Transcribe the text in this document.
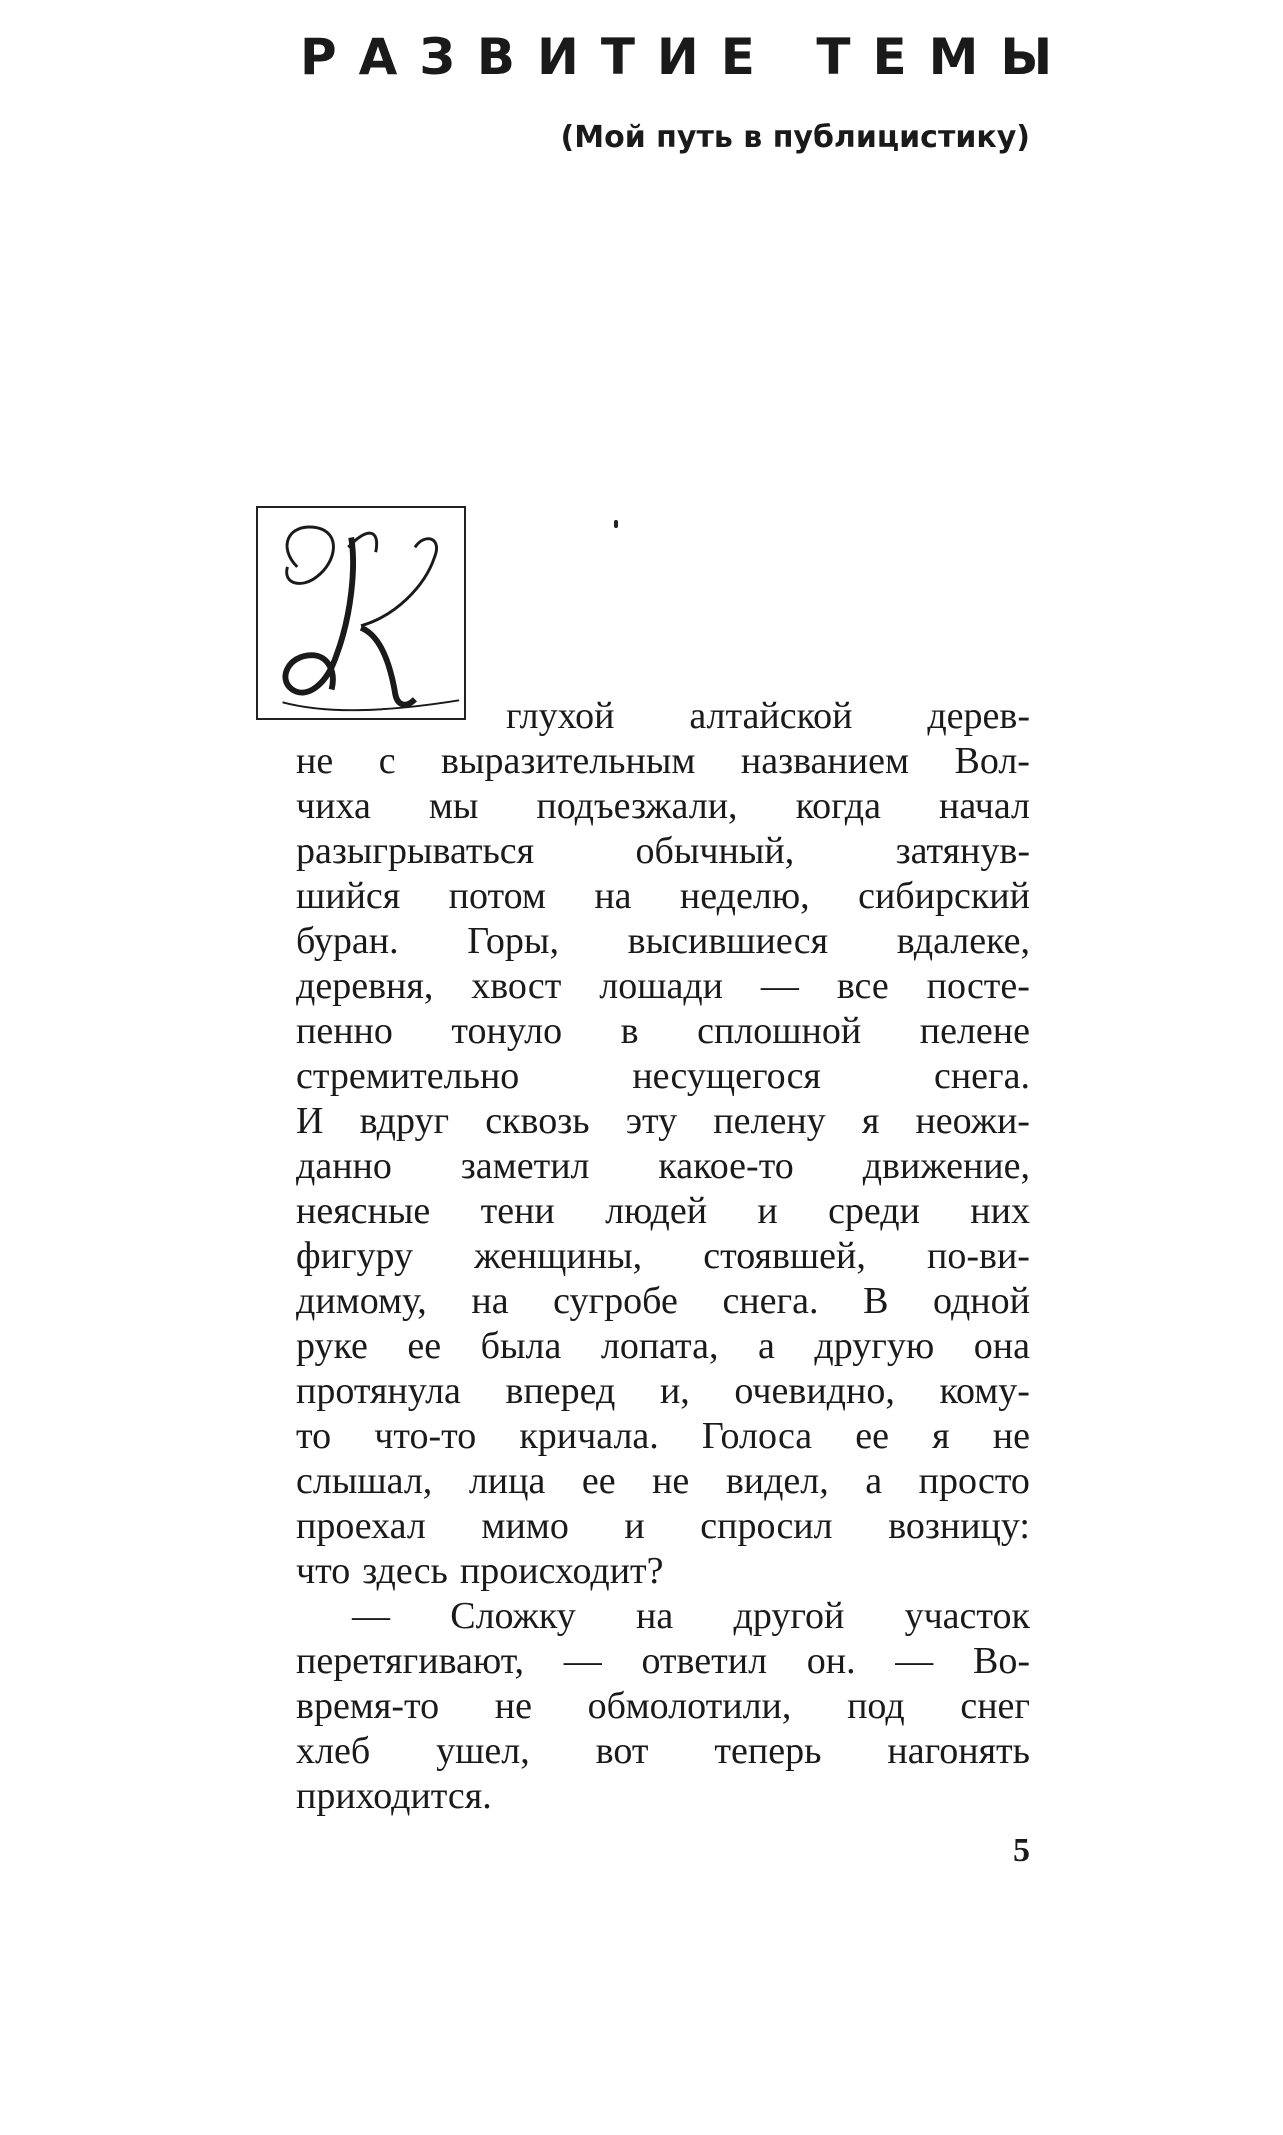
РАЗВИТИЕ ТЕМЫ
(Мой путь в публицистику)
глухой алтайской дерев-
не с выразительным названием Вол-
чиха мы подъезжали, когда начал
разыгрываться	обычный,	затянув-
шийся потом на неделю, сибирский
буран. Горы, высившиеся вдалеке,
деревня, хвост лошади — все посте-
пенно тонуло в сплошной пелене
стремительно	несущегося	снега.
И вдруг сквозь эту пелену я неожи-
данно заметил какое-то движение,
неясные тени людей и среди них
фигуру женщины, стоявшей, по-ви-
димому, на сугробе снега. В одной
руке ее была лопата, а другую она
протянула вперед и, очевидно, кому-
то что-то кричала. Голоса ее я не
слышал, лица ее не видел, а просто
проехал мимо и спросил возницу:
что здесь происходит?
— Сложку на другой участок
перетягивают, — ответил он. — Во-
время-то не обмолотили, под снег
хлеб ушел, вот теперь нагонять
приходится.
5
